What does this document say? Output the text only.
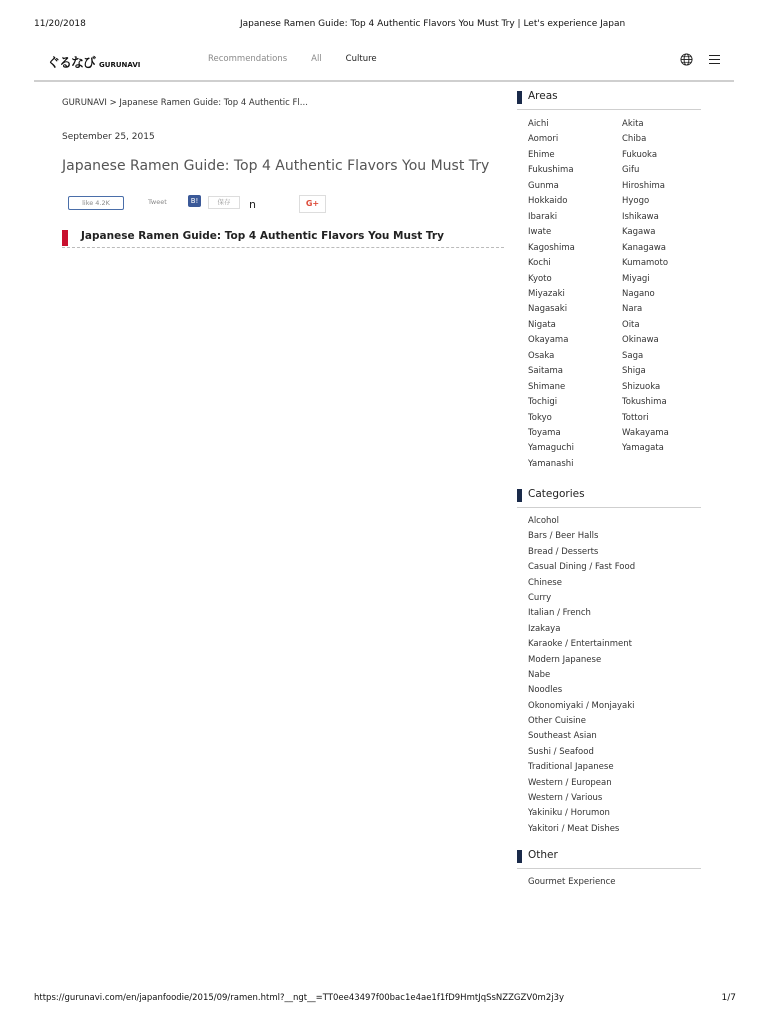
11/20/2018	Japanese Ramen Guide: Top 4 Authentic Flavors You Must Try | Let's experience Japan
https://gurunavi.com/en/japanfoodie/2015/09/ramen.html?__ngt__=TT0ee43497f00bac1e4ae1f1fD9HmtJqSsNZZGZV0m2j3y	1/7
ぐるなび GURUNAVI
Recommendations	All	Culture
GURUNAVI > Japanese Ramen Guide: Top 4 Authentic Fl...
September 25, 2015
Japanese Ramen Guide: Top 4 Authentic Flavors You Must Try
like 4.2K	Tweet	B!	保存	n	G+
Japanese Ramen Guide: Top 4 Authentic Flavors You Must Try
Areas
Aichi	Akita
Aomori	Chiba
Ehime	Fukuoka
Fukushima	Gifu
Gunma	Hiroshima
Hokkaido	Hyogo
Ibaraki	Ishikawa
Iwate	Kagawa
Kagoshima	Kanagawa
Kochi	Kumamoto
Kyoto	Miyagi
Miyazaki	Nagano
Nagasaki	Nara
Nigata	Oita
Okayama	Okinawa
Osaka	Saga
Saitama	Shiga
Shimane	Shizuoka
Tochigi	Tokushima
Tokyo	Tottori
Toyama	Wakayama
Yamaguchi	Yamagata
Yamanashi
Categories
Alcohol
Bars / Beer Halls
Bread / Desserts
Casual Dining / Fast Food
Chinese
Curry
Italian / French
Izakaya
Karaoke / Entertainment
Modern Japanese
Nabe
Noodles
Okonomiyaki / Monjayaki
Other Cuisine
Southeast Asian
Sushi / Seafood
Traditional Japanese
Western / European
Western / Various
Yakiniku / Horumon
Yakitori / Meat Dishes
Other
Gourmet Experience
